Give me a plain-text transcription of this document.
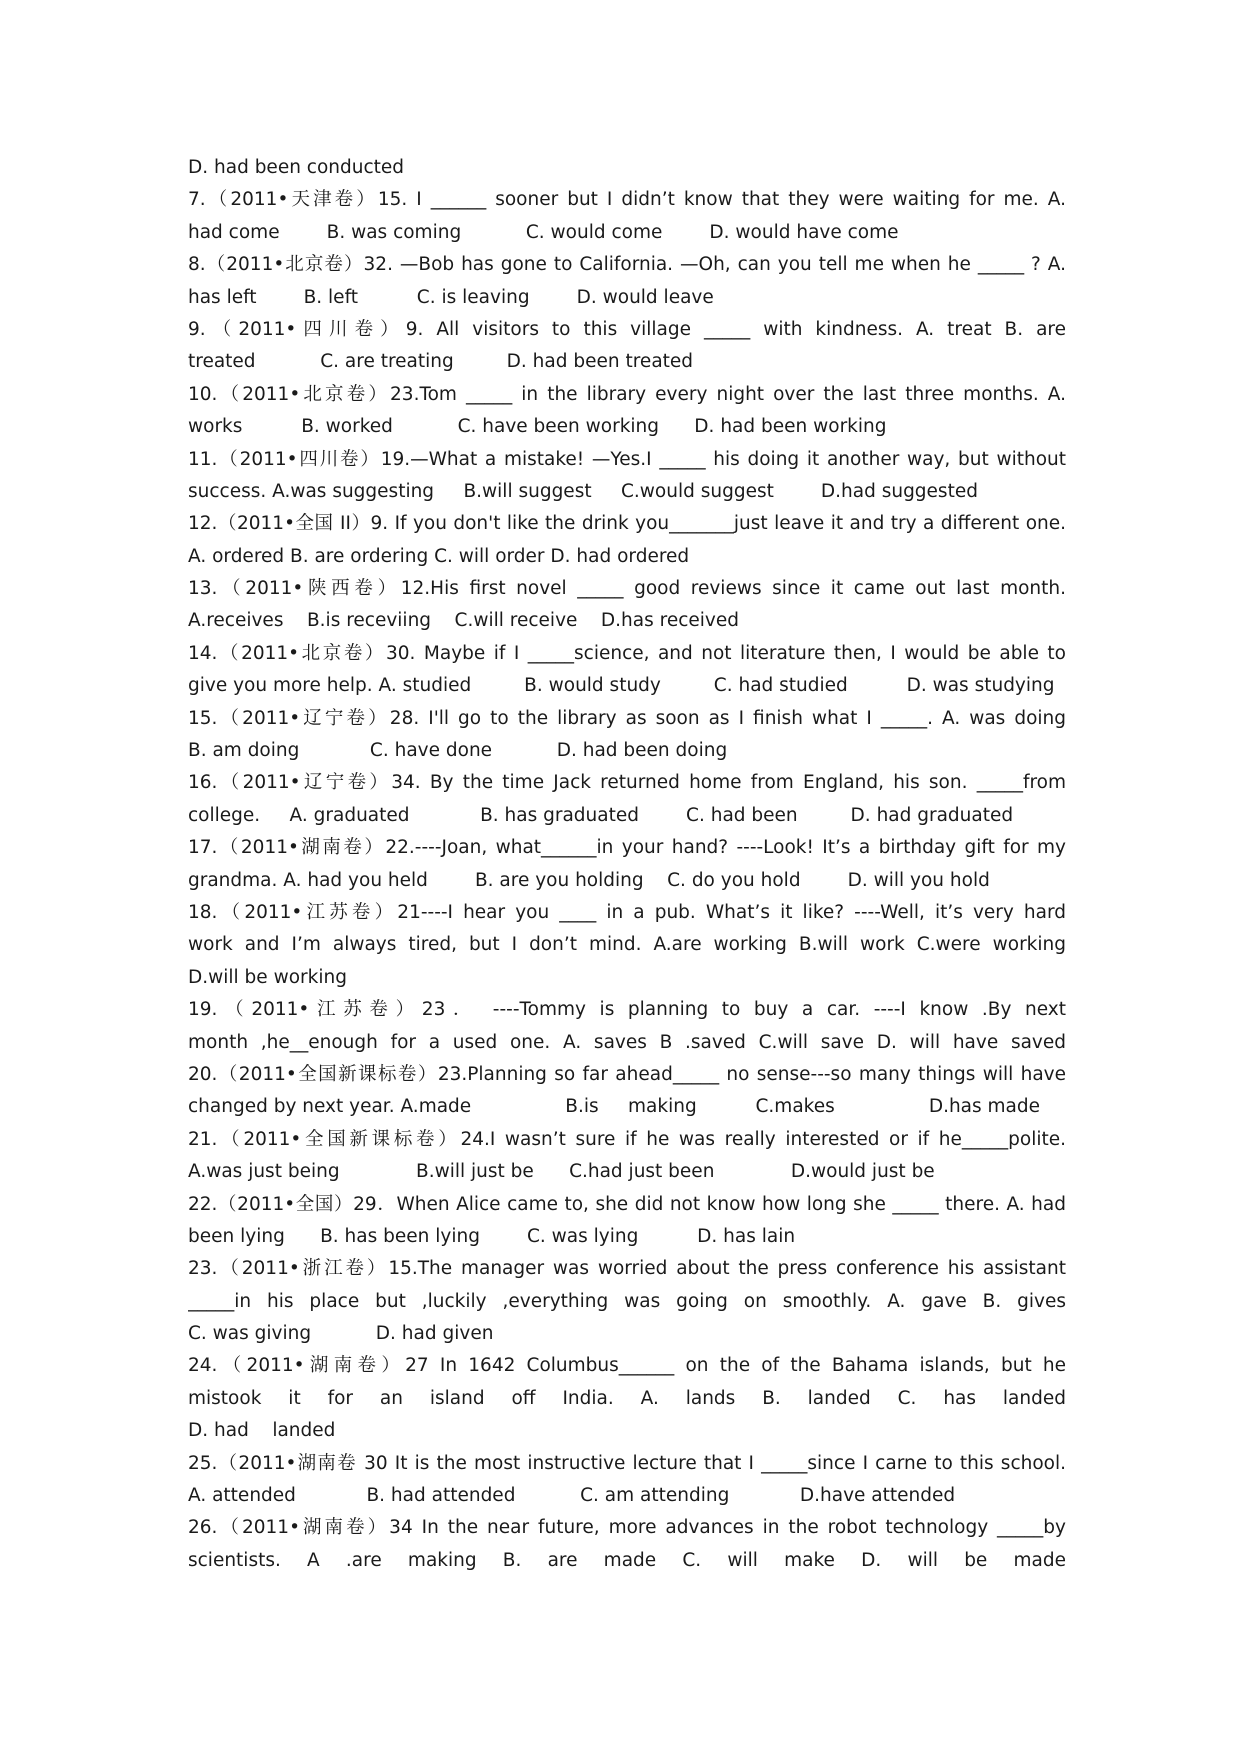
D. had been conducted
7.（2011•天津卷）15. I ______ sooner but I didn’t know that they were waiting for me. A.
had come        B. was coming           C. would come        D. would have come
8.（2011•北京卷）32. —Bob has gone to California. —Oh, can you tell me when he _____ ? A.
has left        B. left          C. is leaving        D. would leave
9.（2011•四川卷）9. All visitors to this village _____ with kindness. A. treat B. are
treated           C. are treating         D. had been treated
10.（2011•北京卷）23.Tom _____ in the library every night over the last three months. A.
works          B. worked           C. have been working      D. had been working
11.（2011•四川卷）19.—What a mistake! —Yes.I _____ his doing it another way, but without
success. A.was suggesting     B.will suggest     C.would suggest        D.had suggested
12.（2011•全国 II）9. If you don't like the drink you_______just leave it and try a different one.
A. ordered B. are ordering C. will order D. had ordered
13.（2011•陕西卷）12.His first novel _____ good reviews since it came out last month.
A.receives    B.is receviing    C.will receive    D.has received
14.（2011•北京卷）30. Maybe if I _____science, and not literature then, I would be able to
give you more help. A. studied         B. would study         C. had studied          D. was studying
15.（2011•辽宁卷）28. I'll go to the library as soon as I finish what I _____. A. was doing
B. am doing            C. have done           D. had been doing
16.（2011•辽宁卷）34. By the time Jack returned home from England, his son. _____from
college.     A. graduated            B. has graduated        C. had been         D. had graduated
17.（2011•湖南卷）22.----Joan, what______in your hand? ----Look! It’s a birthday gift for my
grandma. A. had you held        B. are you holding    C. do you hold        D. will you hold
18.（2011•江苏卷）21----I hear you ____ in a pub. What’s it like? ----Well, it’s very hard
work and I’m always tired, but I don’t mind. A.are working B.will work C.were working
D.will be working
19.（2011•江苏卷）23． ----Tommy is planning to buy a car. ----I know .By next
month ,he__enough for a used one. A. saves B .saved C.will save D. will have saved
20.（2011•全国新课标卷）23.Planning so far ahead_____ no sense---so many things will have
changed by next year. A.made                B.is     making          C.makes                D.has made
21.（2011•全国新课标卷）24.I wasn’t sure if he was really interested or if he_____polite.
A.was just being             B.will just be      C.had just been             D.would just be
22.（2011•全国）29．When Alice came to, she did not know how long she _____ there. A. had
been lying      B. has been lying        C. was lying          D. has lain
23.（2011•浙江卷）15.The manager was worried about the press conference his assistant
_____in his place but ,luckily ,everything was going on smoothly. A. gave B. gives
C. was giving           D. had given
24.（2011•湖南卷）27 In 1642 Columbus______ on the of the Bahama islands, but he
mistook it for an island off India. A. lands B. landed C. has landed
D. had    landed
25.（2011•湖南卷 30 It is the most instructive lecture that I _____since I carne to this school.
A. attended            B. had attended           C. am attending            D.have attended
26.（2011•湖南卷）34 In the near future, more advances in the robot technology _____by
scientists. A .are making B. are made C. will make D. will be made
